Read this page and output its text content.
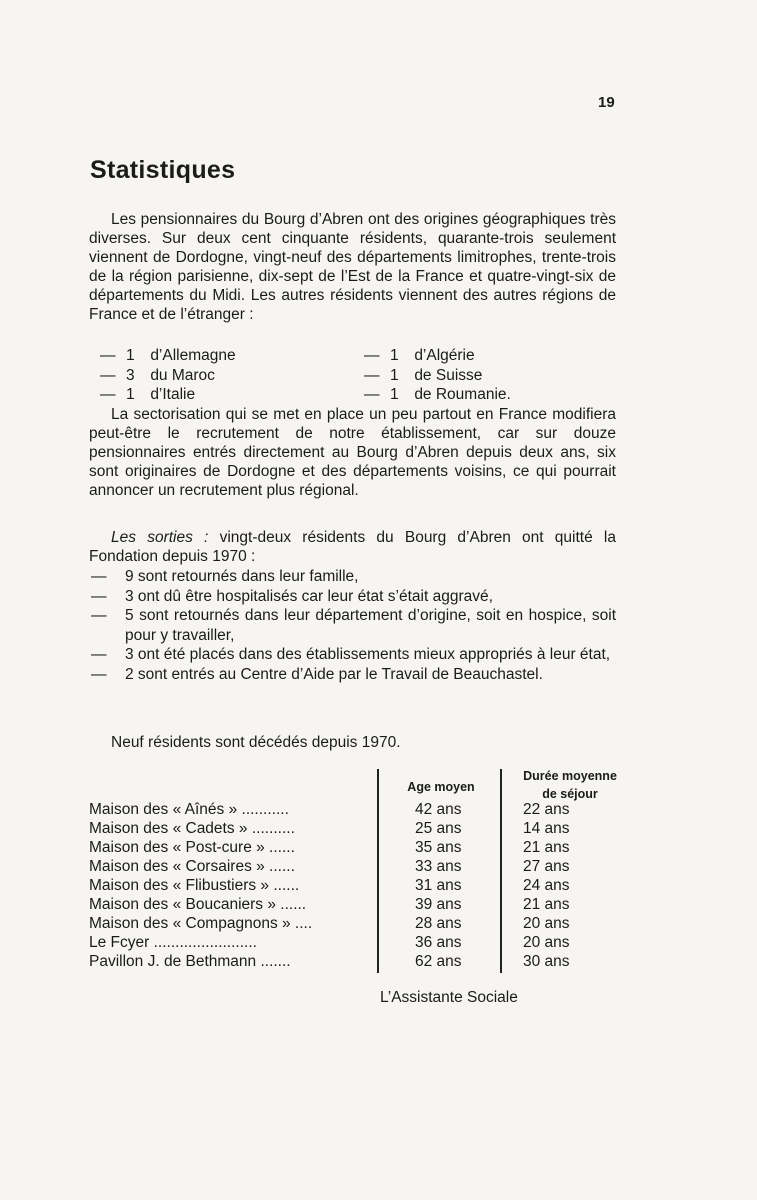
19
Statistiques

Les pensionnaires du Bourg d’Abren ont des origines géographiques très diverses. Sur deux cent cinquante résidents, quarante-trois seulement viennent de Dordogne, vingt-neuf des départements limitrophes, trente-trois de la région parisienne, dix-sept de l’Est de la France et quatre-vingt-six de départements du Midi. Les autres résidents viennent des autres régions de France et de l’étranger :

— 1 d’Allemagne	— 1 d’Algérie
— 3 du Maroc	— 1 de Suisse
— 1 d’Italie	— 1 de Roumanie.

La sectorisation qui se met en place un peu partout en France modifiera peut-être le recrutement de notre établissement, car sur douze pensionnaires entrés directement au Bourg d’Abren depuis deux ans, six sont originaires de Dordogne et des départements voisins, ce qui pourrait annoncer un recrutement plus régional.

Les sorties : vingt-deux résidents du Bourg d’Abren ont quitté la Fondation depuis 1970 :

—	9 sont retournés dans leur famille,
—	3 ont dû être hospitalisés car leur état s’était aggravé,
—	5 sont retournés dans leur département d’origine, soit en hospice, soit pour y travailler,
—	3 ont été placés dans des établissements mieux appropriés à leur état,
—	2 sont entrés au Centre d’Aide par le Travail de Beauchastel.
Neuf résidents sont décédés depuis 1970.
Age moyen
Durée moyenne
de séjour
Maison des « Aînés » ...........	42 ans	22 ans
Maison des « Cadets » ..........	25 ans	14 ans
Maison des « Post-cure » ......	35 ans	21 ans
Maison des « Corsaires » ......	33 ans	27 ans
Maison des « Flibustiers » ......	31 ans	24 ans
Maison des « Boucaniers » ......	39 ans	21 ans
Maison des « Compagnons » ....	28 ans	20 ans
Le Fcyer ........................	36 ans	20 ans
Pavillon J. de Bethmann .......	62 ans	30 ans
L’Assistante Sociale
